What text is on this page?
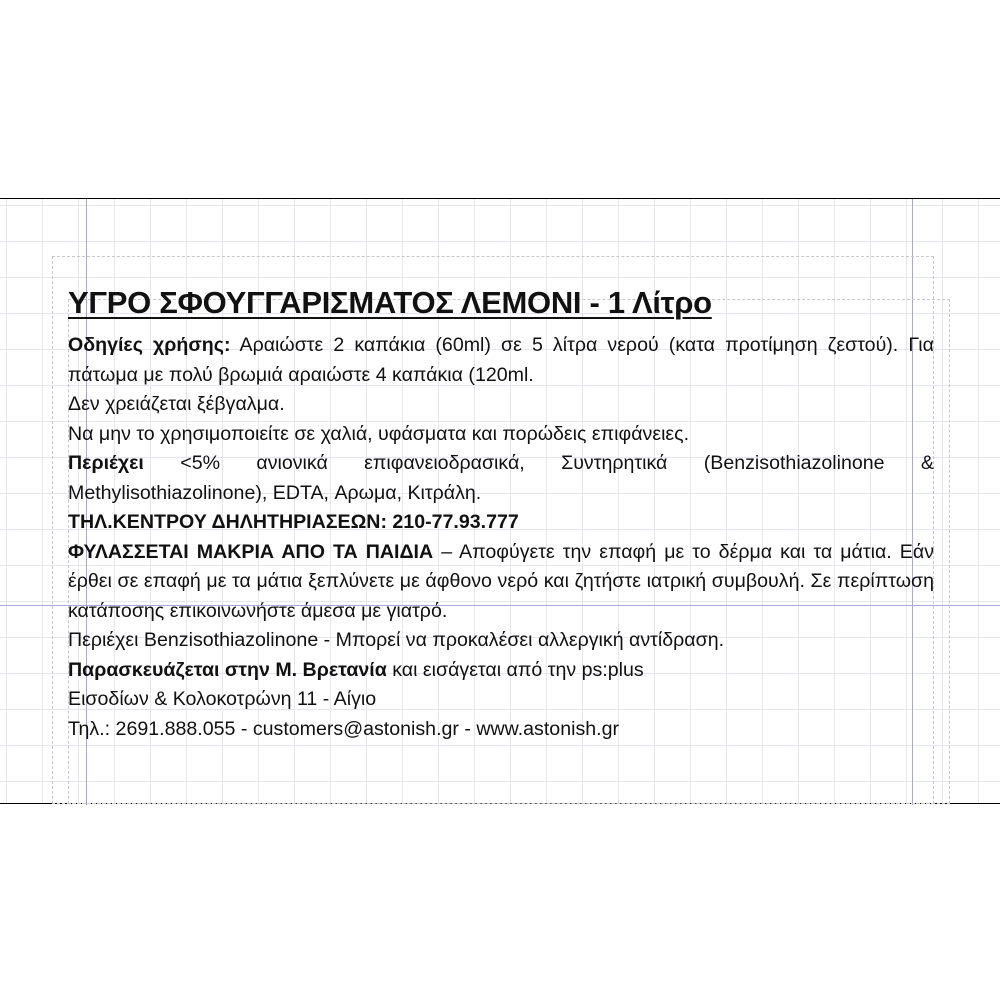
ΥΓΡΟ ΣΦΟΥΓΓΑΡΙΣΜΑΤΟΣ ΛΕΜΟΝΙ - 1 Λίτρο

Οδηγίες χρήσης: Αραιώστε 2 καπάκια (60ml) σε 5 λίτρα νερού (κατα προτίμηση ζεστού). Για πάτωμα με πολύ βρωμιά αραιώστε 4 καπάκια (120ml.

Δεν χρειάζεται ξέβγαλμα.

Να μην το χρησιμοποιείτε σε χαλιά, υφάσματα και πορώδεις επιφάνειες.

Περιέχει <5% ανιονικά επιφανειοδρασικά, Συντηρητικά (Benzisothiazolinone & Methylisothiazolinone), EDTA, Αρωμα, Κιτράλη.

ΤΗΛ.ΚΕΝΤΡΟΥ ΔΗΛΗΤΗΡΙΑΣΕΩΝ: 210-77.93.777

ΦΥΛΑΣΣΕΤΑΙ ΜΑΚΡΙΑ ΑΠΟ ΤΑ ΠΑΙΔΙΑ – Αποφύγετε την επαφή με το δέρμα και τα μάτια. Εάν έρθει σε επαφή με τα μάτια ξεπλύνετε με άφθονο νερό και ζητήστε ιατρική συμβουλή. Σε περίπτωση κατάποσης επικοινωνήστε άμεσα με γιατρό.

Περιέχει Benzisothiazolinone - Μπορεί να προκαλέσει αλλεργική αντίδραση.

Παρασκευάζεται στην Μ. Βρετανία και εισάγεται από την ps:plus

Εισοδίων & Κολοκοτρώνη 11 - Αίγιο

Τηλ.: 2691.888.055 - customers@astonish.gr - www.astonish.gr
